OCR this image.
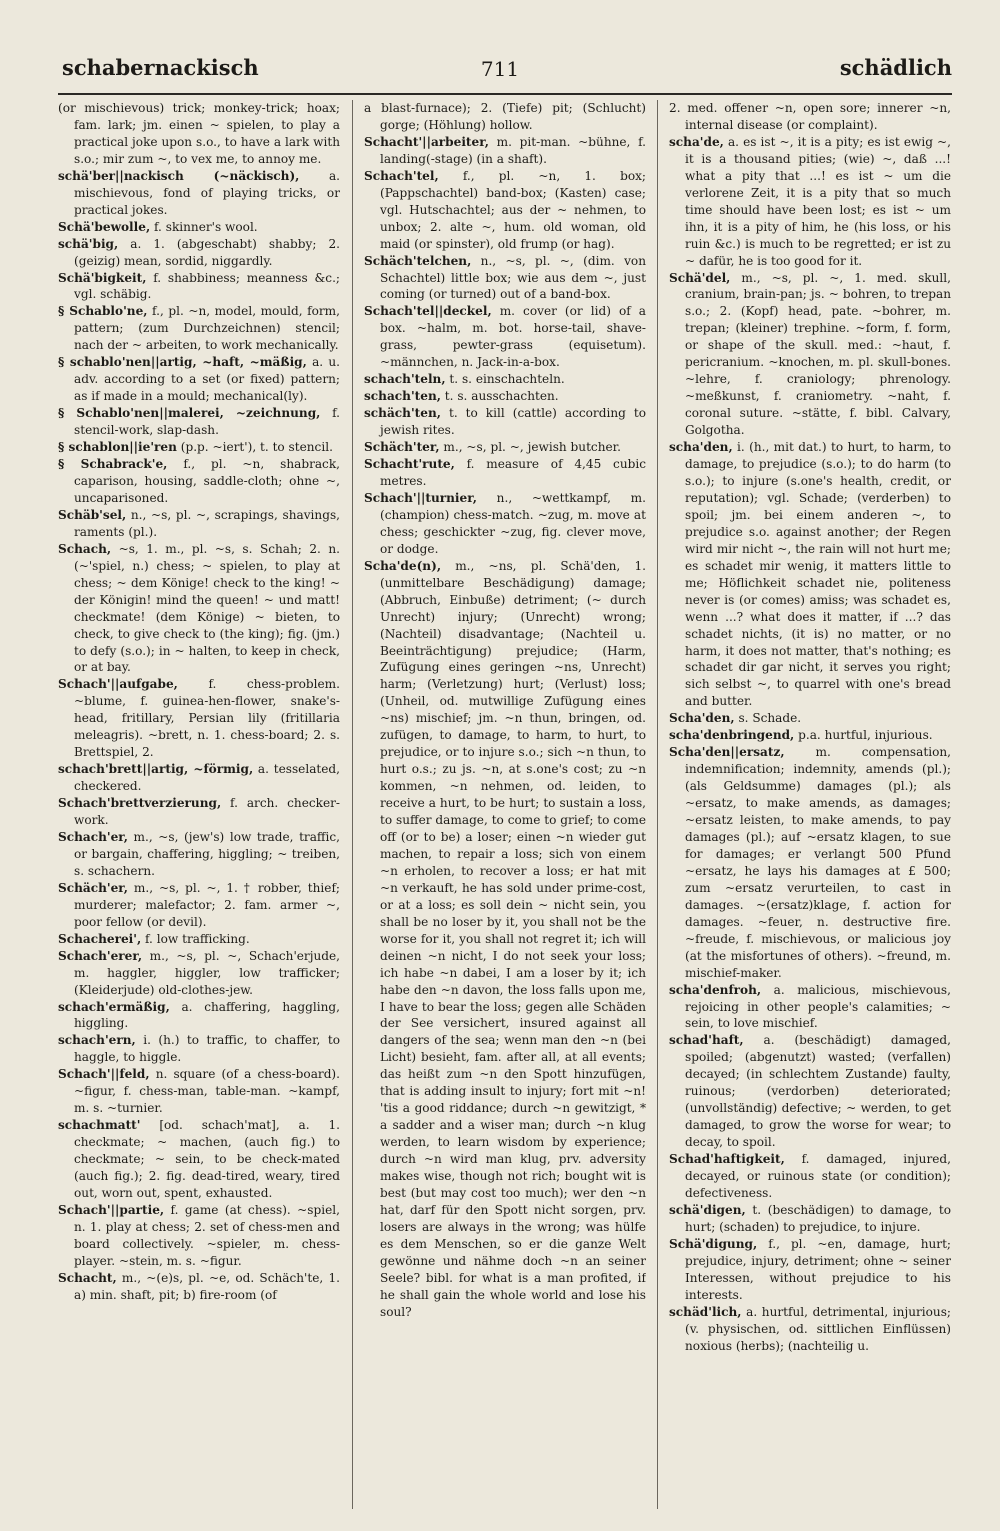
schabernackisch	711	schädlich

(or mischievous) trick; monkey-trick; hoax; fam. lark; jm. einen ~ spielen, to play a practical joke upon s.o., to have a lark with s.o.; mir zum ~, to vex me, to annoy me.

schä'ber||nackisch (~näckisch), a. mischievous, fond of playing tricks, or practical jokes.

Schä'bewolle, f. skinner's wool.

schä'big, a. 1. (abgeschabt) shabby; 2. (geizig) mean, sordid, niggardly.

Schä'bigkeit, f. shabbiness; meanness &c.; vgl. schäbig.

§ Schablo'ne, f., pl. ~n, model, mould, form, pattern; (zum Durchzeichnen) stencil; nach der ~ arbeiten, to work mechanically.

§ schablo'nen||artig, ~haft, ~mäßig, a. u. adv. according to a set (or fixed) pattern; as if made in a mould; mechanical(ly).

§ Schablo'nen||malerei, ~zeichnung, f. stencil-work, slap-dash.

§ schablon||ie'ren (p.p. ~iert'), t. to stencil.

§ Schabrack'e, f., pl. ~n, shabrack, caparison, housing, saddle-cloth; ohne ~, uncaparisoned.

Schäb'sel, n., ~s, pl. ~, scrapings, shavings, raments (pl.).

Schach, ~s, 1. m., pl. ~s, s. Schah; 2. n. (~'spiel, n.) chess; ~ spielen, to play at chess; ~ dem Könige! check to the king! ~ der Königin! mind the queen! ~ und matt! checkmate! (dem Könige) ~ bieten, to check, to give check to (the king); fig. (jm.) to defy (s.o.); in ~ halten, to keep in check, or at bay.

Schach'||aufgabe, f. chess-problem. ~blume, f. guinea-hen-flower, snake's-head, fritillary, Persian lily (fritillaria meleagris). ~brett, n. 1. chess-board; 2. s. Brettspiel, 2.

schach'brett||artig, ~förmig, a. tesselated, checkered.

Schach'brettverzierung, f. arch. checker-work.

Schach'er, m., ~s, (jew's) low trade, traffic, or bargain, chaffering, higgling; ~ treiben, s. schachern.

Schäch'er, m., ~s, pl. ~, 1. † robber, thief; murderer; malefactor; 2. fam. armer ~, poor fellow (or devil).

Schacherei', f. low trafficking.

Schach'erer, m., ~s, pl. ~, Schach'erjude, m. haggler, higgler, low trafficker; (Kleiderjude) old-clothes-jew.

schach'ermäßig, a. chaffering, haggling, higgling.

schach'ern, i. (h.) to traffic, to chaffer, to haggle, to higgle.

Schach'||feld, n. square (of a chess-board). ~figur, f. chess-man, table-man. ~kampf, m. s. ~turnier.

schachmatt' [od. schach'mat], a. 1. checkmate; ~ machen, (auch fig.) to checkmate; ~ sein, to be check-mated (auch fig.); 2. fig. dead-tired, weary, tired out, worn out, spent, exhausted.

Schach'||partie, f. game (at chess). ~spiel, n. 1. play at chess; 2. set of chess-men and board collectively. ~spieler, m. chess-player. ~stein, m. s. ~figur.

Schacht, m., ~(e)s, pl. ~e, od. Schäch'te, 1. a) min. shaft, pit; b) fire-room (of

a blast-furnace); 2. (Tiefe) pit; (Schlucht) gorge; (Höhlung) hollow.

Schacht'||arbeiter, m. pit-man. ~bühne, f. landing(-stage) (in a shaft).

Schach'tel, f., pl. ~n, 1. box; (Pappschachtel) band-box; (Kasten) case; vgl. Hutschachtel; aus der ~ nehmen, to unbox; 2. alte ~, hum. old woman, old maid (or spinster), old frump (or hag).

Schäch'telchen, n., ~s, pl. ~, (dim. von Schachtel) little box; wie aus dem ~, just coming (or turned) out of a band-box.

Schach'tel||deckel, m. cover (or lid) of a box. ~halm, m. bot. horse-tail, shave-grass, pewter-grass (equisetum). ~männchen, n. Jack-in-a-box.

schach'teln, t. s. einschachteln.

schach'ten, t. s. ausschachten.

schäch'ten, t. to kill (cattle) according to jewish rites.

Schäch'ter, m., ~s, pl. ~, jewish butcher.

Schacht'rute, f. measure of 4,45 cubic metres.

Schach'||turnier, n., ~wettkampf, m. (champion) chess-match. ~zug, m. move at chess; geschickter ~zug, fig. clever move, or dodge.

Scha'de(n), m., ~ns, pl. Schä'den, 1. (unmittelbare Beschädigung) damage; (Abbruch, Einbuße) detriment; (~ durch Unrecht) injury; (Unrecht) wrong; (Nachteil) disadvantage; (Nachteil u. Beeinträchtigung) prejudice; (Harm, Zufügung eines geringen ~ns, Unrecht) harm; (Verletzung) hurt; (Verlust) loss; (Unheil, od. mutwillige Zufügung eines ~ns) mischief; jm. ~n thun, bringen, od. zufügen, to damage, to harm, to hurt, to prejudice, or to injure s.o.; sich ~n thun, to hurt o.s.; zu js. ~n, at s.one's cost; zu ~n kommen, ~n nehmen, od. leiden, to receive a hurt, to be hurt; to sustain a loss, to suffer damage, to come to grief; to come off (or to be) a loser; einen ~n wieder gut machen, to repair a loss; sich von einem ~n erholen, to recover a loss; er hat mit ~n verkauft, he has sold under prime-cost, or at a loss; es soll dein ~ nicht sein, you shall be no loser by it, you shall not be the worse for it, you shall not regret it; ich will deinen ~n nicht, I do not seek your loss; ich habe ~n dabei, I am a loser by it; ich habe den ~n davon, the loss falls upon me, I have to bear the loss; gegen alle Schäden der See versichert, insured against all dangers of the sea; wenn man den ~n (bei Licht) besieht, fam. after all, at all events; das heißt zum ~n den Spott hinzufügen, that is adding insult to injury; fort mit ~n! 'tis a good riddance; durch ~n gewitzigt, * a sadder and a wiser man; durch ~n klug werden, to learn wisdom by experience; durch ~n wird man klug, prv. adversity makes wise, though not rich; bought wit is best (but may cost too much); wer den ~n hat, darf für den Spott nicht sorgen, prv. losers are always in the wrong; was hülfe es dem Menschen, so er die ganze Welt gewönne und nähme doch ~n an seiner Seele? bibl. for what is a man profited, if he shall gain the whole world and lose his soul?

2. med. offener ~n, open sore; innerer ~n, internal disease (or complaint).

scha'de, a. es ist ~, it is a pity; es ist ewig ~, it is a thousand pities; (wie) ~, daß ...! what a pity that ...! es ist ~ um die verlorene Zeit, it is a pity that so much time should have been lost; es ist ~ um ihn, it is a pity of him, he (his loss, or his ruin &c.) is much to be regretted; er ist zu ~ dafür, he is too good for it.

Schä'del, m., ~s, pl. ~, 1. med. skull, cranium, brain-pan; js. ~ bohren, to trepan s.o.; 2. (Kopf) head, pate. ~bohrer, m. trepan; (kleiner) trephine. ~form, f. form, or shape of the skull. med.: ~haut, f. pericranium. ~knochen, m. pl. skull-bones. ~lehre, f. craniology; phrenology. ~meßkunst, f. craniometry. ~naht, f. coronal suture. ~stätte, f. bibl. Calvary, Golgotha.

scha'den, i. (h., mit dat.) to hurt, to harm, to damage, to prejudice (s.o.); to do harm (to s.o.); to injure (s.one's health, credit, or reputation); vgl. Schade; (verderben) to spoil; jm. bei einem anderen ~, to prejudice s.o. against another; der Regen wird mir nicht ~, the rain will not hurt me; es schadet mir wenig, it matters little to me; Höflichkeit schadet nie, politeness never is (or comes) amiss; was schadet es, wenn ...? what does it matter, if ...? das schadet nichts, (it is) no matter, or no harm, it does not matter, that's nothing; es schadet dir gar nicht, it serves you right; sich selbst ~, to quarrel with one's bread and butter.

Scha'den, s. Schade.

scha'denbringend, p.a. hurtful, injurious.

Scha'den||ersatz, m. compensation, indemnification; indemnity, amends (pl.); (als Geldsumme) damages (pl.); als ~ersatz, to make amends, as damages; ~ersatz leisten, to make amends, to pay damages (pl.); auf ~ersatz klagen, to sue for damages; er verlangt 500 Pfund ~ersatz, he lays his damages at £ 500; zum ~ersatz verurteilen, to cast in damages. ~(ersatz)klage, f. action for damages. ~feuer, n. destructive fire. ~freude, f. mischievous, or malicious joy (at the misfortunes of others). ~freund, m. mischief-maker.

scha'denfroh, a. malicious, mischievous, rejoicing in other people's calamities; ~ sein, to love mischief.

schad'haft, a. (beschädigt) damaged, spoiled; (abgenutzt) wasted; (verfallen) decayed; (in schlechtem Zustande) faulty, ruinous; (verdorben) deteriorated; (unvollständig) defective; ~ werden, to get damaged, to grow the worse for wear; to decay, to spoil.

Schad'haftigkeit, f. damaged, injured, decayed, or ruinous state (or condition); defectiveness.

schä'digen, t. (beschädigen) to damage, to hurt; (schaden) to prejudice, to injure.

Schä'digung, f., pl. ~en, damage, hurt; prejudice, injury, detriment; ohne ~ seiner Interessen, without prejudice to his interests.

schäd'lich, a. hurtful, detrimental, injurious; (v. physischen, od. sittlichen Einflüssen) noxious (herbs); (nachteilig u.
